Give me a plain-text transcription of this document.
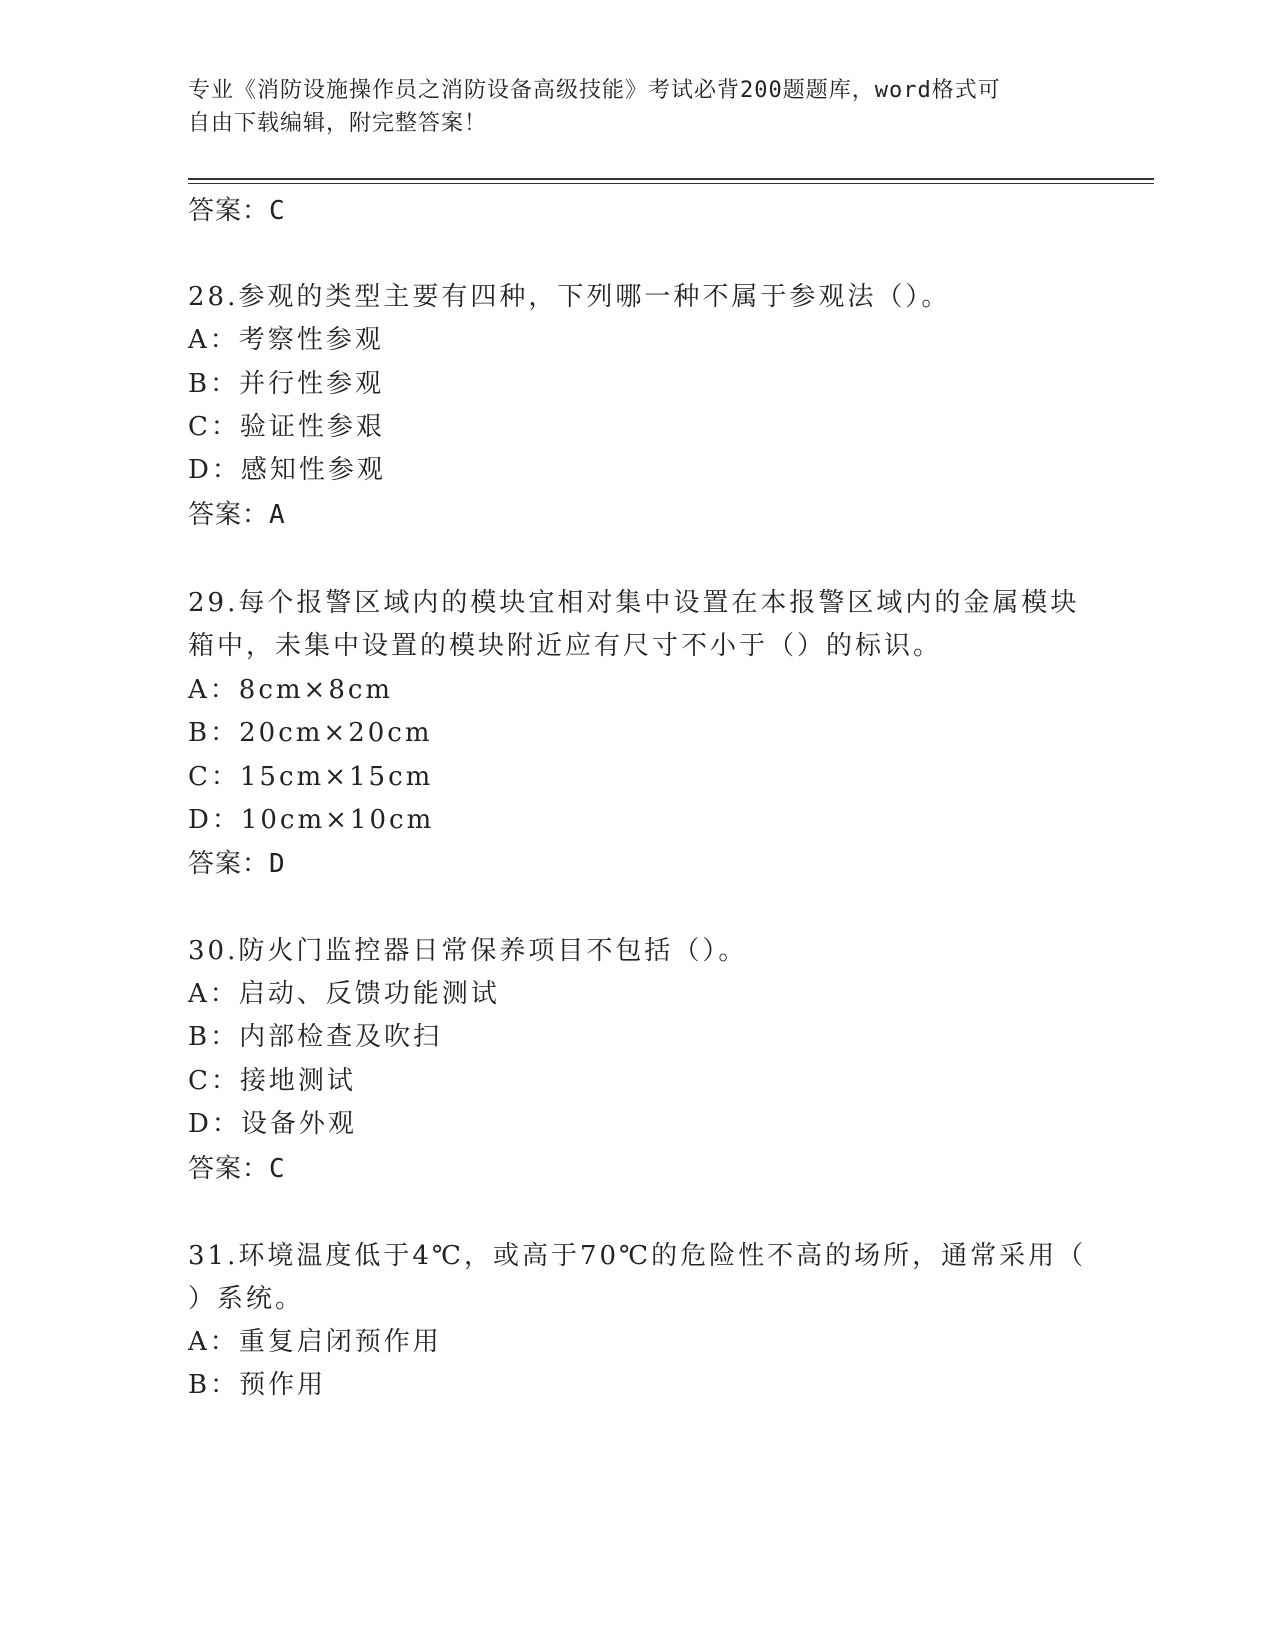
专业《消防设施操作员之消防设备高级技能》考试必背200题题库，word格式可
自由下载编辑，附完整答案！
答案：C
28.参观的类型主要有四种，下列哪一种不属于参观法（）。
A：考察性参观
B：并行性参观
C：验证性参艰
D：感知性参观
答案：A
29.每个报警区域内的模块宜相对集中设置在本报警区域内的金属模块
箱中，未集中设置的模块附近应有尺寸不小于（）的标识。
A：8cm×8cm
B：20cm×20cm
C：15cm×15cm
D：10cm×10cm
答案：D
30.防火门监控器日常保养项目不包括（）。
A：启动、反馈功能测试
B：内部检查及吹扫
C：接地测试
D：设备外观
答案：C
31.环境温度低于4℃，或高于70℃的危险性不高的场所，通常采用（
）系统。
A：重复启闭预作用
B：预作用
